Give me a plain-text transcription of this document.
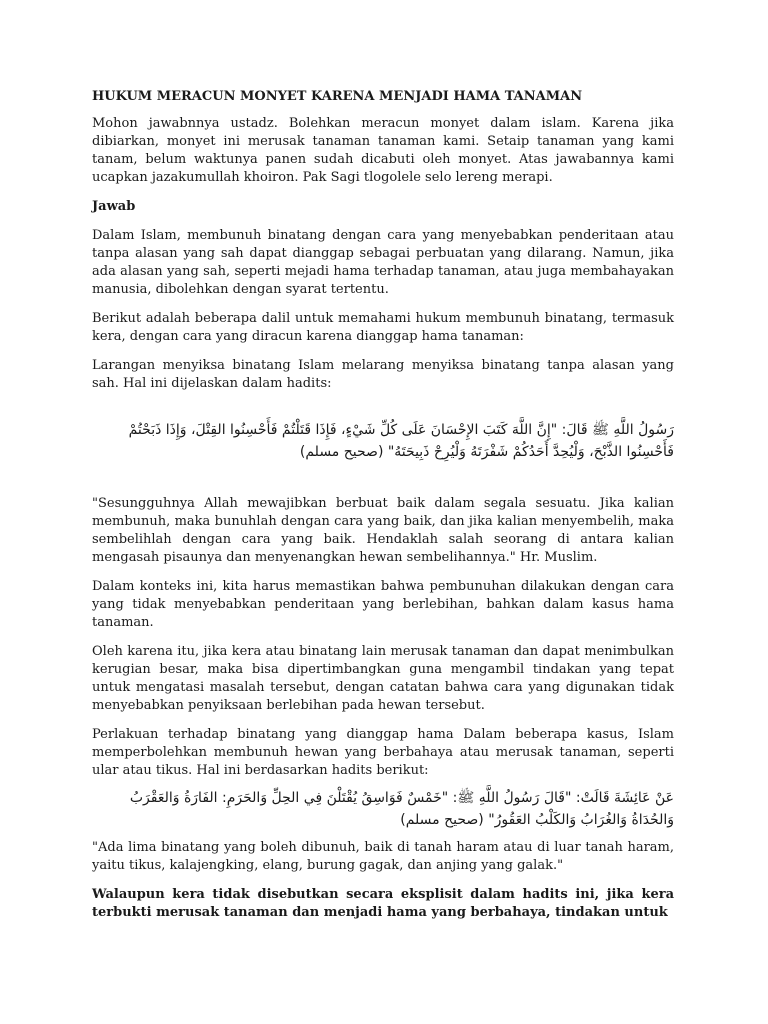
HUKUM MERACUN MONYET KARENA MENJADI HAMA TANAMAN

Mohon jawabnnya ustadz. Bolehkan meracun monyet dalam islam. Karena jika dibiarkan, monyet ini merusak tanaman tanaman kami. Setaip tanaman yang kami tanam, belum waktunya panen sudah dicabuti oleh monyet. Atas jawabannya kami ucapkan jazakumullah khoiron. Pak Sagi tlogolele selo lereng merapi.

Jawab

Dalam Islam, membunuh binatang dengan cara yang menyebabkan penderitaan atau tanpa alasan yang sah dapat dianggap sebagai perbuatan yang dilarang. Namun, jika ada alasan yang sah, seperti mejadi hama terhadap tanaman, atau juga membahayakan manusia, dibolehkan dengan syarat tertentu.

Berikut adalah beberapa dalil untuk memahami hukum membunuh binatang, termasuk kera, dengan cara yang diracun karena dianggap hama tanaman:

Larangan menyiksa binatang Islam melarang menyiksa binatang tanpa alasan yang sah. Hal ini dijelaskan dalam hadits:

رَسُولُ اللَّهِ ﷺ قَالَ: "إِنَّ اللَّهَ كَتَبَ الإِحْسَانَ عَلَى كُلِّ شَيْءٍ، فَإِذَا قَتَلْتُمْ فَأَحْسِنُوا القِتْلَ، وَإِذَا ذَبَحْتُمْ فَأَحْسِنُوا الذَّبْحَ، وَلْيُحِدَّ أَحَدُكُمْ شَفْرَتَهُ وَلْيُرِحْ ذَبِيحَتَهُ" (صحيح مسلم)

"Sesungguhnya Allah mewajibkan berbuat baik dalam segala sesuatu. Jika kalian membunuh, maka bunuhlah dengan cara yang baik, dan jika kalian menyembelih, maka sembelihlah dengan cara yang baik. Hendaklah salah seorang di antara kalian mengasah pisaunya dan menyenangkan hewan sembelihannya." Hr. Muslim.

Dalam konteks ini, kita harus memastikan bahwa pembunuhan dilakukan dengan cara yang tidak menyebabkan penderitaan yang berlebihan, bahkan dalam kasus hama tanaman.

Oleh karena itu, jika kera atau binatang lain merusak tanaman dan dapat menimbulkan kerugian besar, maka bisa dipertimbangkan guna mengambil tindakan yang tepat untuk mengatasi masalah tersebut, dengan catatan bahwa cara yang digunakan tidak menyebabkan penyiksaan berlebihan pada hewan tersebut.

Perlakuan terhadap binatang yang dianggap hama Dalam beberapa kasus, Islam memperbolehkan membunuh hewan yang berbahaya atau merusak tanaman, seperti ular atau tikus. Hal ini berdasarkan hadits berikut:

عَنْ عَائِشَةَ قَالَتْ: "قَالَ رَسُولُ اللَّهِ ﷺ: "خَمْسٌ فَوَاسِقُ يُقْتَلْنَ فِي الحِلِّ وَالحَرَمِ: الفَارَةُ وَالعَقْرَبُ وَالحُدَاةُ وَالغُرَابُ وَالكَلْبُ العَقُورُ" (صحيح مسلم)

"Ada lima binatang yang boleh dibunuh, baik di tanah haram atau di luar tanah haram, yaitu tikus, kalajengking, elang, burung gagak, dan anjing yang galak."

Walaupun kera tidak disebutkan secara eksplisit dalam hadits ini, jika kera terbukti merusak tanaman dan menjadi hama yang berbahaya, tindakan untuk
